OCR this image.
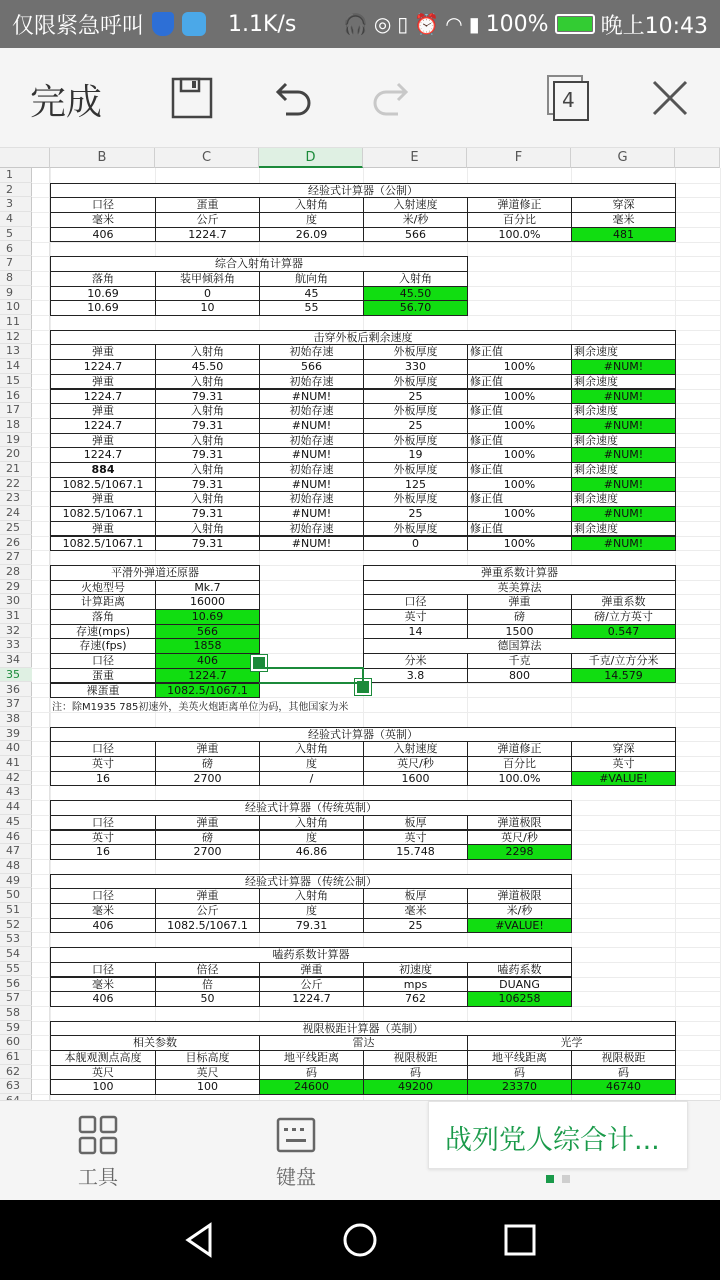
仅限紧急呼叫	1.1K/s 🎧 ◎ ▯ ⏰ ◠ ▮ 100% 晚上10:43
完成	4
B	C	D	E	F	G
1
2
3
4
5
6
7
8
9
10
11
12
13
14
15
16
17
18
19
20
21
22
23
24
25
26
27
28
29
30
31
32
33
34
35
36
37
38
39
40
41
42
43
44
45
46
47
48
49
50
51
52
53
54
55
56
57
58
59
60
61
62
63
经验式计算器（公制）
口径	蛋重	入射角	入射速度	弹道修正	穿深
毫米	公斤	度	米/秒	百分比	毫米
406	1224.7	26.09	566	100.0%	481
综合入射角计算器
落角	装甲倾斜角	航向角	入射角
10.69	0	45	45.50
10.69	10	55	56.70
击穿外板后剩余速度
弹重	入射角	初始存速	外板厚度	修正值	剩余速度
1224.7	45.50	566	330	100%	#NUM!
弹重	入射角	初始存速	外板厚度	修正值	剩余速度
1224.7	79.31	#NUM!	25	100%	#NUM!
弹重	入射角	初始存速	外板厚度	修正值	剩余速度
1224.7	79.31	#NUM!	25	100%	#NUM!
弹重	入射角	初始存速	外板厚度	修正值	剩余速度
1224.7	79.31	#NUM!	19	100%	#NUM!
884	入射角	初始存速	外板厚度	修正值	剩余速度
1082.5/1067.1	79.31	#NUM!	125	100%	#NUM!
弹重	入射角	初始存速	外板厚度	修正值	剩余速度
1082.5/1067.1	79.31	#NUM!	25	100%	#NUM!
弹重	入射角	初始存速	外板厚度	修正值	剩余速度
1082.5/1067.1	79.31	#NUM!	0	100%	#NUM!
平滑外弹道还原器
火炮型号	Mk.7
计算距离	16000
落角	10.69
存速(mps)	566
存速(fps)	1858
口径	406
蛋重	1224.7
裸蛋重	1082.5/1067.1
弹重系数计算器
英美算法
口径	弹重	弹重系数
英寸	磅	磅/立方英寸
14	1500	0.547
德国算法
分米	千克	千克/立方分米
3.8	800	14.579
经验式计算器（英制）
口径	弹重	入射角	入射速度	弹道修正	穿深
英寸	磅	度	英尺/秒	百分比	英寸
16	2700	/	1600	100.0%	#VALUE!
经验式计算器（传统英制）
口径	弹重	入射角	板厚	弹道极限
英寸	磅	度	英寸	英尺/秒
16	2700	46.86	15.748	2298
经验式计算器（传统公制）
口径	弹重	入射角	板厚	弹道极限
毫米	公斤	度	毫米	米/秒
406	1082.5/1067.1	79.31	25	#VALUE!
嗑药系数计算器
口径	倍径	弹重	初速度	嗑药系数
毫米	倍	公斤	mps	DUANG
406	50	1224.7	762	106258
视限极距计算器（英制）
相关参数	雷达	光学
本舰观测点高度	目标高度	地平线距离	视限极距	地平线距离	视限极距
英尺	英尺	码	码	码	码
100	100	24600	49200	23370	46740
注：除M1935 785初速外，美英火炮距离单位为码，其他国家为米
工具	键盘
战列党人综合计...
